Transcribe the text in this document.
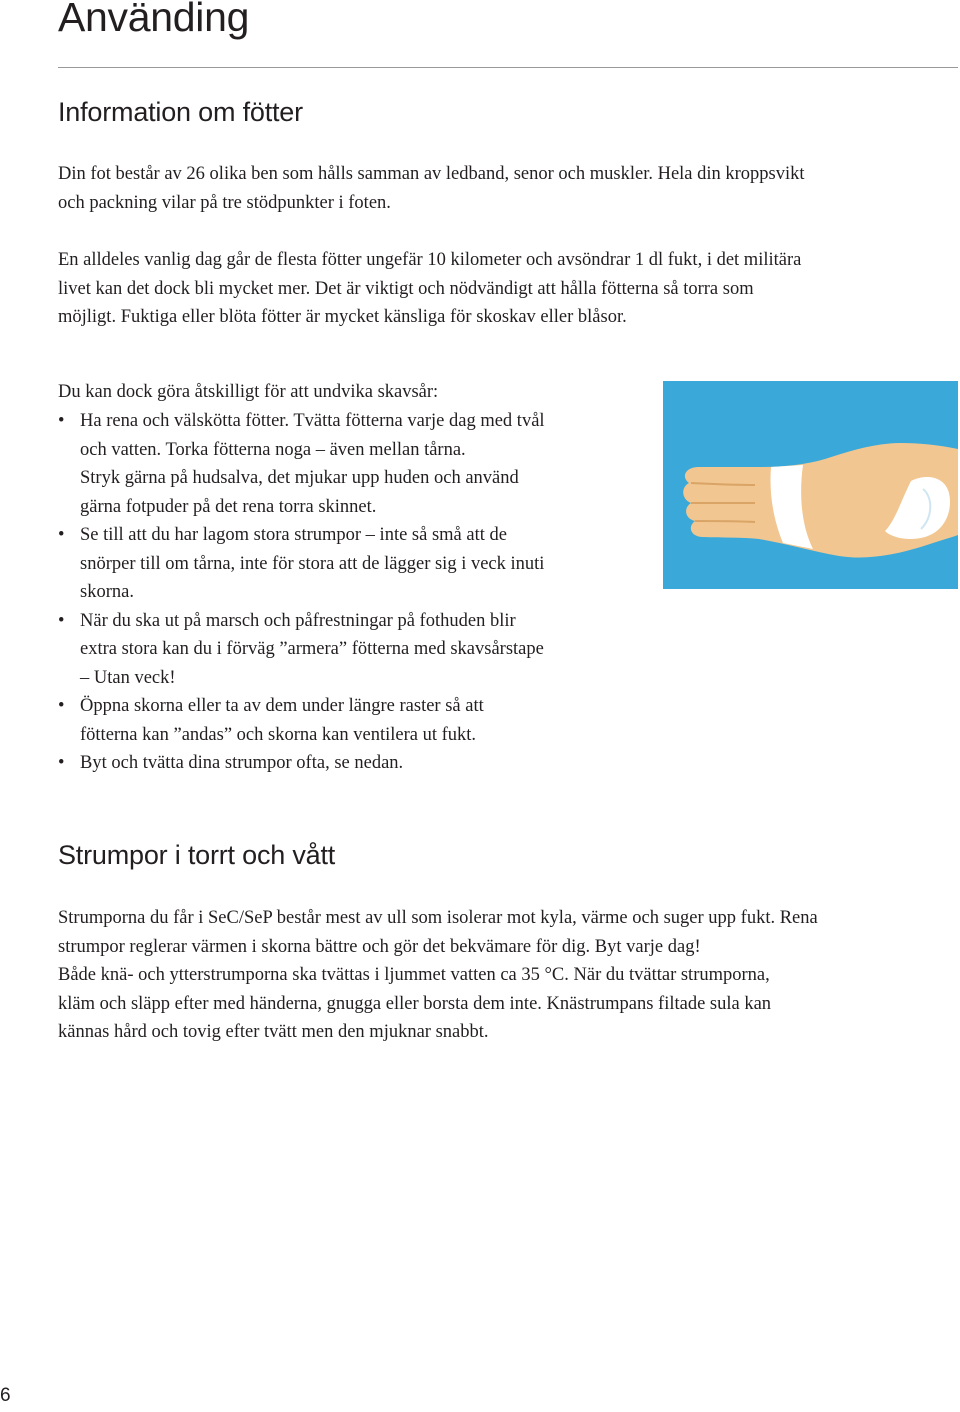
Använding
Information om fötter

Din fot består av 26 olika ben som hålls samman av ledband, senor och muskler. Hela din kroppsvikt
och packning vilar på tre stödpunkter i foten.

En alldeles vanlig dag går de flesta fötter ungefär 10 kilometer och avsöndrar 1 dl fukt, i det militära
livet kan det dock bli mycket mer. Det är viktigt och nödvändigt att hålla fötterna så torra som
möjligt. Fuktiga eller blöta fötter är mycket känsliga för skoskav eller blåsor.

Du kan dock göra åtskilligt för att undvika skavsår:

• Ha rena och välskötta fötter. Tvätta fötterna varje dag med tvål
och vatten. Torka fötterna noga – även mellan tårna.
Stryk gärna på hudsalva, det mjukar upp huden och använd
gärna fotpuder på det rena torra skinnet.
• Se till att du har lagom stora strumpor – inte så små att de
snörper till om tårna, inte för stora att de lägger sig i veck inuti
skorna.
• När du ska ut på marsch och påfrestningar på fothuden blir
extra stora kan du i förväg ”armera” fötterna med skavsårstape
– Utan veck!
• Öppna skorna eller ta av dem under längre raster så att
fötterna kan ”andas” och skorna kan ventilera ut fukt.
• Byt och tvätta dina strumpor ofta, se nedan.
Strumpor i torrt och vått

Strumporna du får i SeC/SeP består mest av ull som isolerar mot kyla, värme och suger upp fukt. Rena
strumpor reglerar värmen i skorna bättre och gör det bekvämare för dig. Byt varje dag!
Både knä- och ytterstrumporna ska tvättas i ljummet vatten ca 35 °C. När du tvättar strumporna,
kläm och släpp efter med händerna, gnugga eller borsta dem inte. Knästrumpans filtade sula kan
kännas hård och tovig efter tvätt men den mjuknar snabbt.

6
